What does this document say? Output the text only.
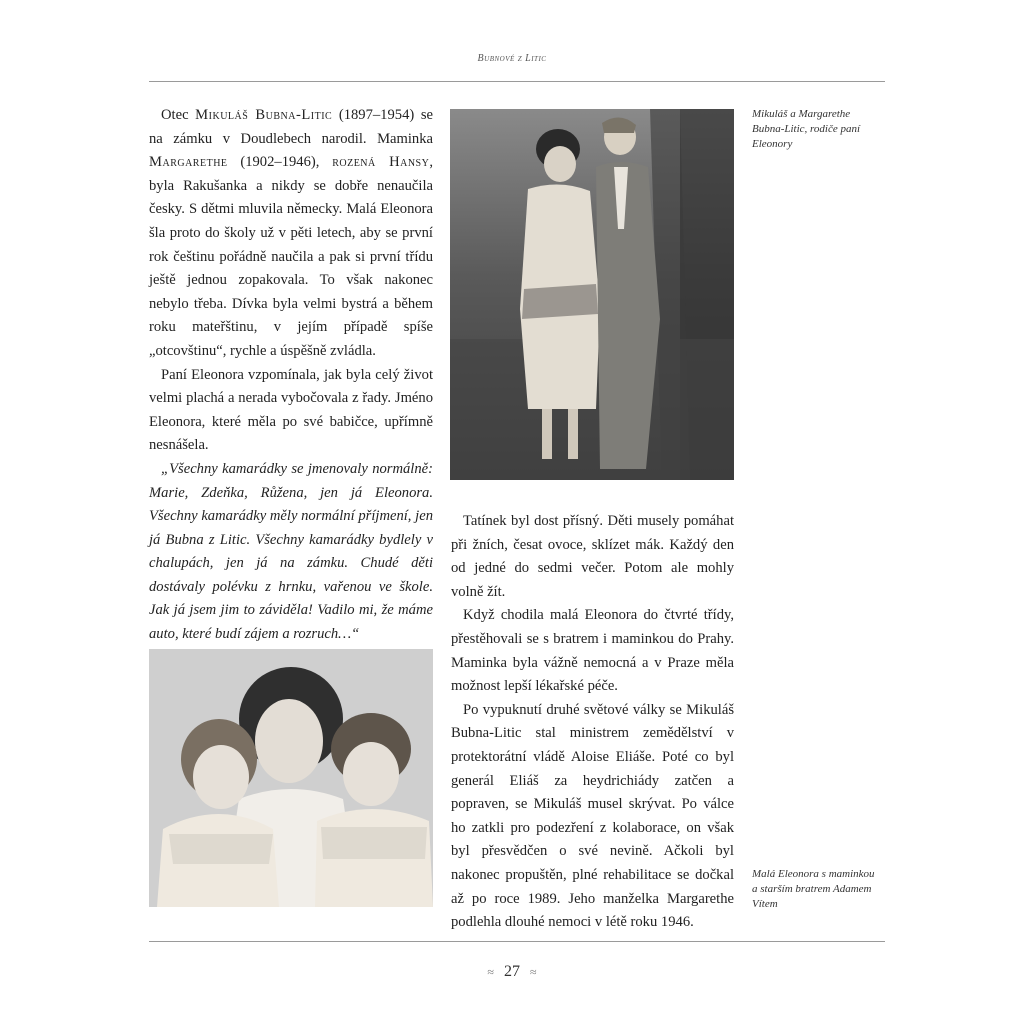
Bubnové z Litic

Otec Mikuláš Bubna-Litic (1897–1954) se na zámku v Doudlebech narodil. Maminka Margarethe (1902–1946), rozená Hansy, byla Rakušanka a nikdy se dobře nenaučila česky. S dětmi mluvila německy. Malá Eleonora šla proto do školy už v pěti letech, aby se první rok češtinu pořádně naučila a pak si první třídu ještě jednou zopakovala. To však nakonec nebylo třeba. Dívka byla velmi bystrá a během roku mateřštinu, v jejím případě spíše „otcovštinu“, rychle a úspěšně zvládla.

Paní Eleonora vzpomínala, jak byla celý život velmi plachá a nerada vybočovala z řady. Jméno Eleonora, které měla po své babičce, upřímně nesnášela.

„Všechny kamarádky se jmenovaly normálně: Marie, Zdeňka, Růžena, jen já Eleonora. Všechny kamarádky měly normální příjmení, jen já Bubna z Litic. Všechny kamarádky bydlely v chalupách, jen já na zámku. Chudé děti dostávaly polévku z hrnku, vařenou ve škole. Jak já jsem jim to záviděla! Vadilo mi, že máme auto, které budí zájem a rozruch…“

Mikuláš a Margarethe Bubna-Litic, rodiče paní Eleonory

Tatínek byl dost přísný. Děti musely pomáhat při žních, česat ovoce, sklízet mák. Každý den od jedné do sedmi večer. Potom ale mohly volně žít.

Když chodila malá Eleonora do čtvrté třídy, přestěhovali se s bratrem i maminkou do Prahy. Maminka byla vážně nemocná a v Praze měla možnost lepší lékařské péče.

Po vypuknutí druhé světové války se Mikuláš Bubna-Litic stal ministrem zemědělství v protektorátní vládě Aloise Eliáše. Poté co byl generál Eliáš za heydrichiády zatčen a popraven, se Mikuláš musel skrývat. Po válce ho zatkli pro podezření z kolaborace, on však byl přesvědčen o své nevině. Ačkoli byl nakonec propuštěn, plné rehabilitace se dočkal až po roce 1989. Jeho manželka Margarethe podlehla dlouhé nemoci v létě roku 1946.

Malá Eleonora s maminkou a starším bratrem Adamem Vítem
≈ 27 ≈
